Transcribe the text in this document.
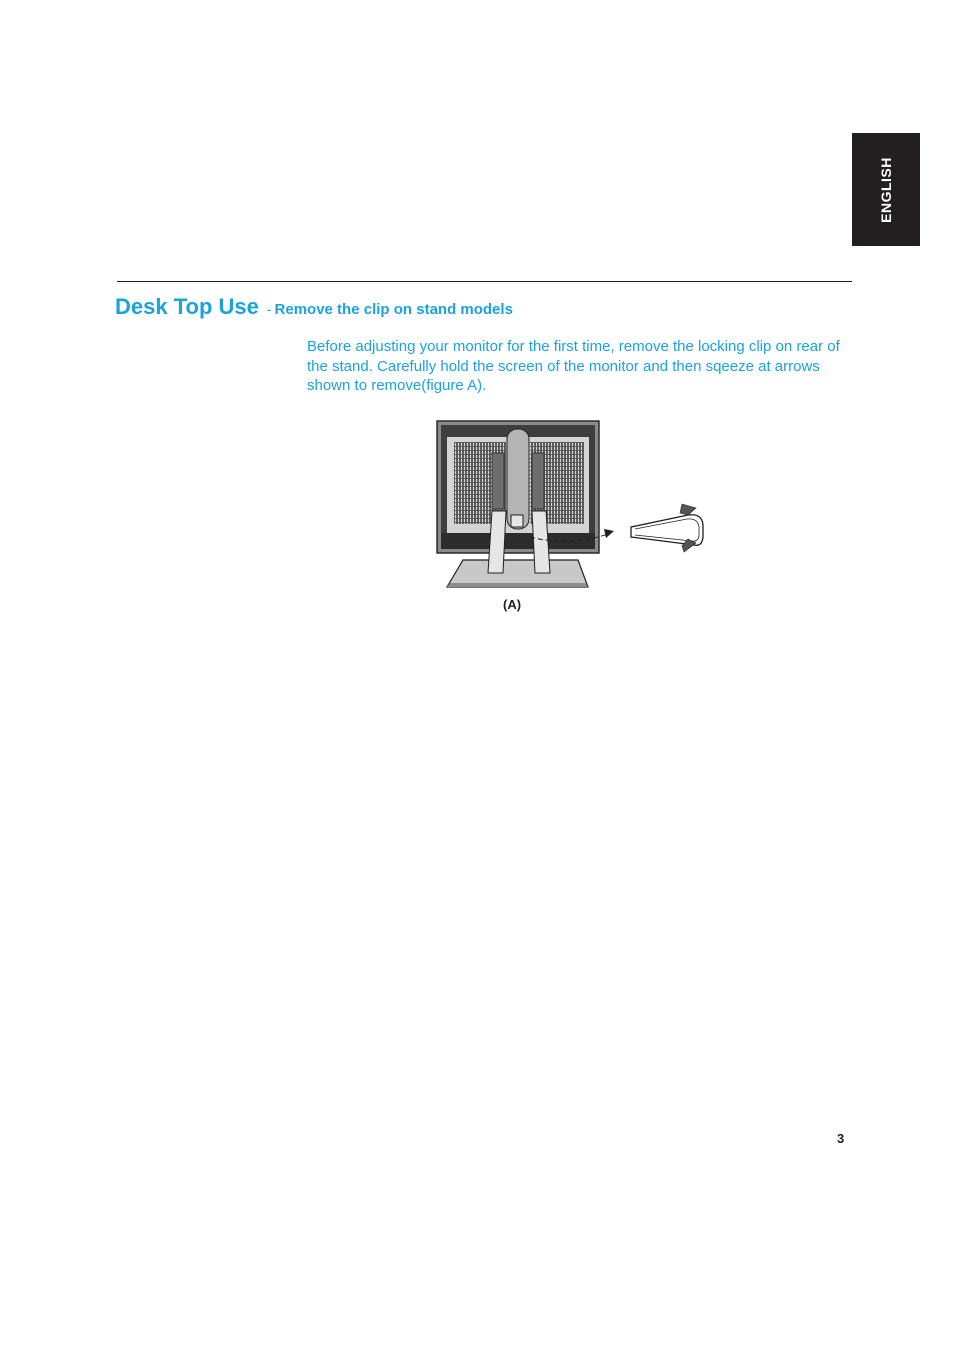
ENGLISH
Desk Top Use - Remove the clip on stand models

Before adjusting your monitor for the first time, remove the locking clip on rear of the stand. Carefully hold the screen of the monitor and then sqeeze at arrows shown to remove(figure A).

(A)
3
